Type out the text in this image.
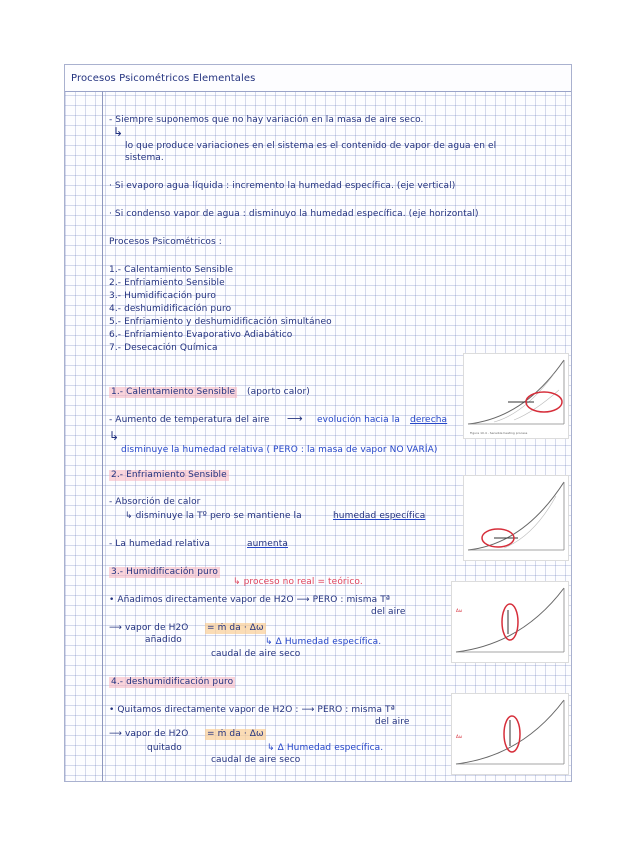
Procesos Psicométricos Elementales
- Siempre suponemos que no hay variación en la masa de aire seco.
↳
lo que produce variaciones en el sistema es el contenido de vapor de agua en el
sistema.
· Si evaporo agua líquida : incremento la humedad específica. (eje vertical)
· Si condenso vapor de agua : disminuyo la humedad específica. (eje horizontal)
Procesos Psicométricos :
1.- Calentamiento Sensible
2.- Enfriamiento Sensible
3.- Humidificación puro
4.- deshumidificación puro
5.- Enfriamiento y deshumidificación simultáneo
6.- Enfriamiento Evaporativo Adiabático
7.- Desecación Química
1.- Calentamiento Sensible (aporto calor)
- Aumento de temperatura del aire ⟶ evolución hacia la derecha
↳
disminuye la humedad relativa ( PERO : la masa de vapor NO VARÍA)
2.- Enfriamiento Sensible
- Absorción de calor
↳ disminuye la Tº pero se mantiene la	humedad específica
- La humedad relativa	aumenta
3.- Humidificación puro
↳ proceso no real = teórico.
• Añadimos directamente vapor de H2O ⟶ PERO : misma Tª
del aire
⟶ vapor de H2O
añadido
= ṁ da · Δω
caudal de aire seco
↳ Δ Humedad específica.
4.- deshumidificación puro
• Quitamos directamente vapor de H2O : ⟶ PERO : misma Tª
del aire
⟶ vapor de H2O
quitado
= ṁ da · Δω
caudal de aire seco
↳ Δ Humedad específica.
Figure 10.4 - Sensible heating process
Δω
Δω
